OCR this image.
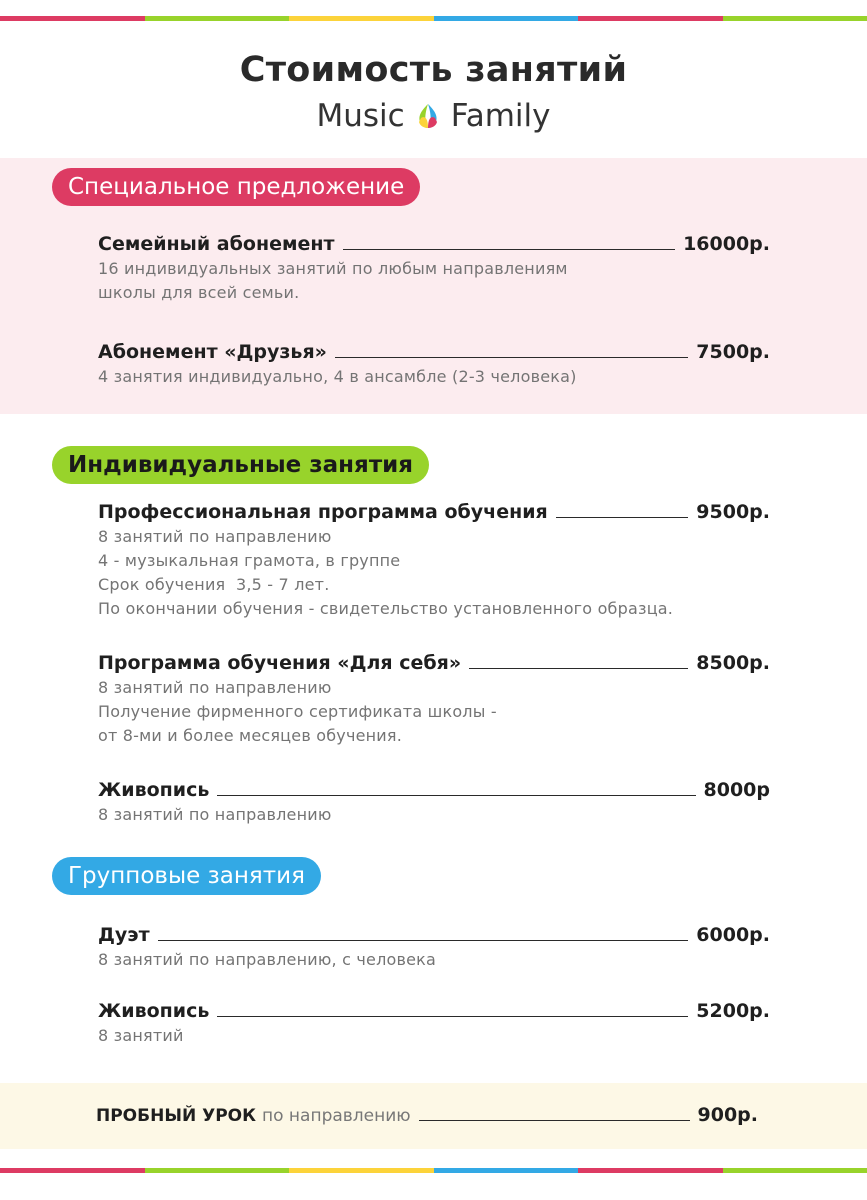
Стоимость занятий
Music Family
Специальное предложение
Семейный абонемент	16000р.
16 индивидуальных занятий по любым направлениям
школы для всей семьи.
Абонемент «Друзья»	7500р.
4 занятия индивидуально, 4 в ансамбле (2-3 человека)
Индивидуальные занятия
Профессиональная программа обучения	9500р.
8 занятий по направлению
4 - музыкальная грамота, в группе
Срок обучения  3,5 - 7 лет.
По окончании обучения - свидетельство установленного образца.
Программа обучения «Для себя»	8500р.
8 занятий по направлению
Получение фирменного сертификата школы -
от 8-ми и более месяцев обучения.
Живопись	8000р
8 занятий по направлению
Групповые занятия
Дуэт	6000р.
8 занятий по направлению, с человека
Живопись	5200р.
8 занятий
ПРОБНЫЙ УРОК по направлению	900р.
